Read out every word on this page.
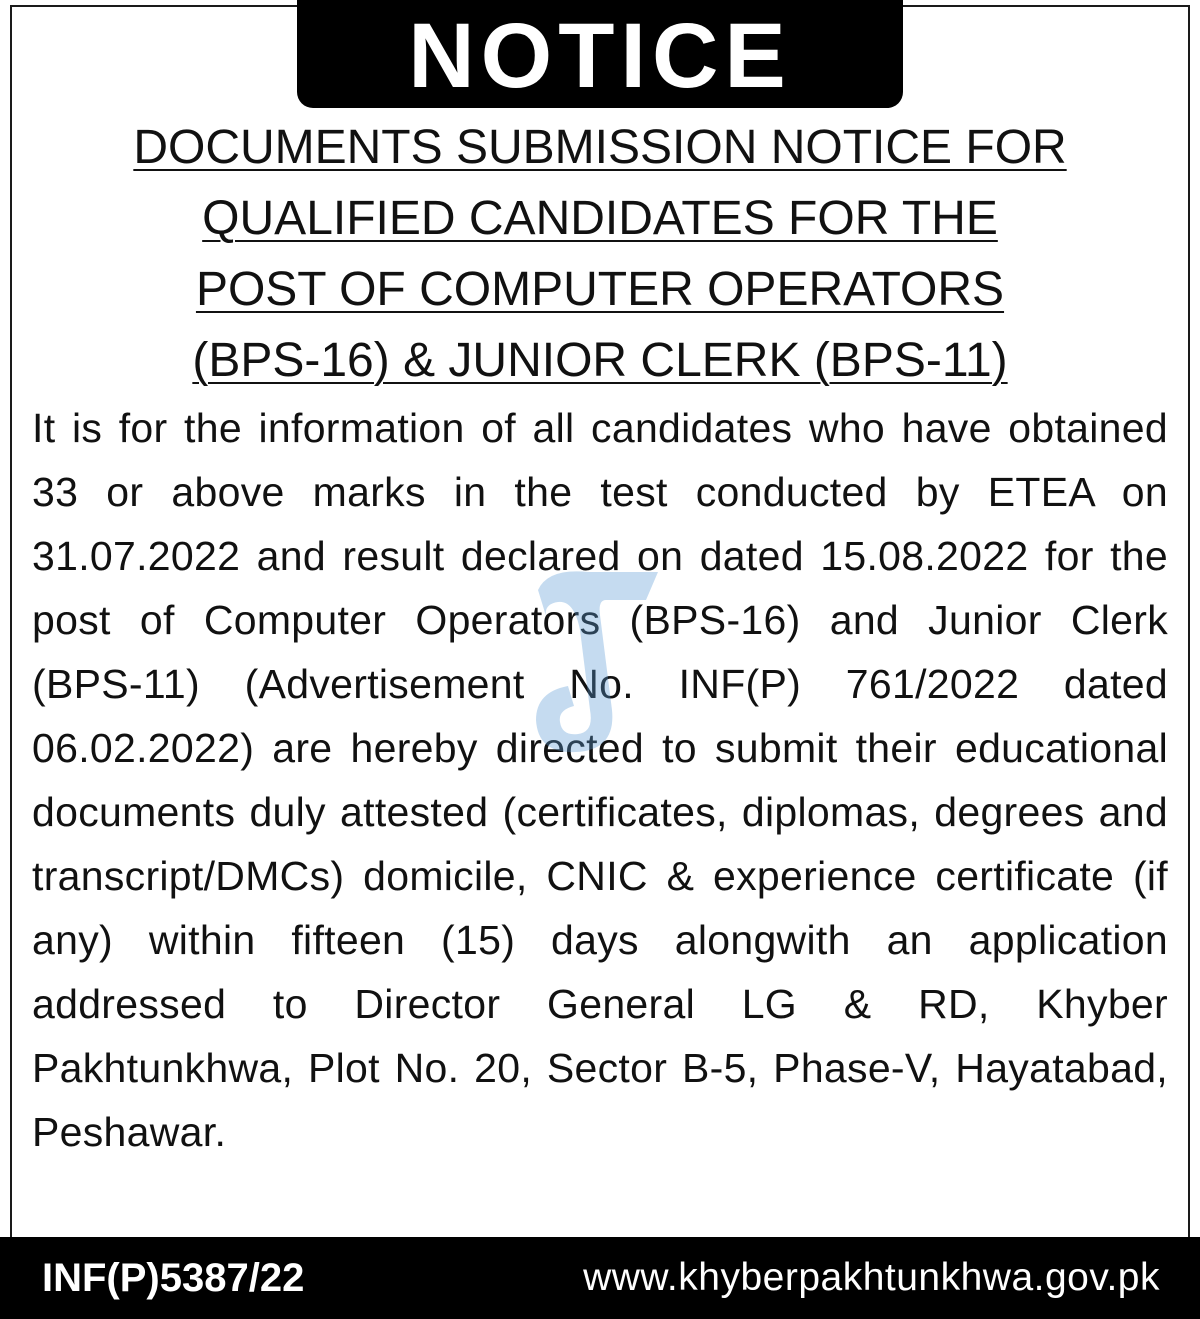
NOTICE
DOCUMENTS SUBMISSION NOTICE FOR
QUALIFIED CANDIDATES FOR THE
POST OF COMPUTER OPERATORS
(BPS-16) & JUNIOR CLERK (BPS-11)

It is for the information of all candidates who have obtained 33 or above marks in the test conducted by ETEA on 31.07.2022 and result declared on dated 15.08.2022 for the post of Computer Operators (BPS-16) and Junior Clerk (BPS-11) (Advertisement No. INF(P) 761/2022 dated 06.02.2022) are hereby directed to submit their educational documents duly attested (certificates, diplomas, degrees and transcript/DMCs) domicile, CNIC & experience certificate (if any) within fifteen (15) days alongwith an application addressed to Director General LG & RD, Khyber Pakhtunkhwa, Plot No. 20, Sector B-5, Phase-V, Hayatabad, Peshawar.

INF(P)5387/22	www.khyberpakhtunkhwa.gov.pk
